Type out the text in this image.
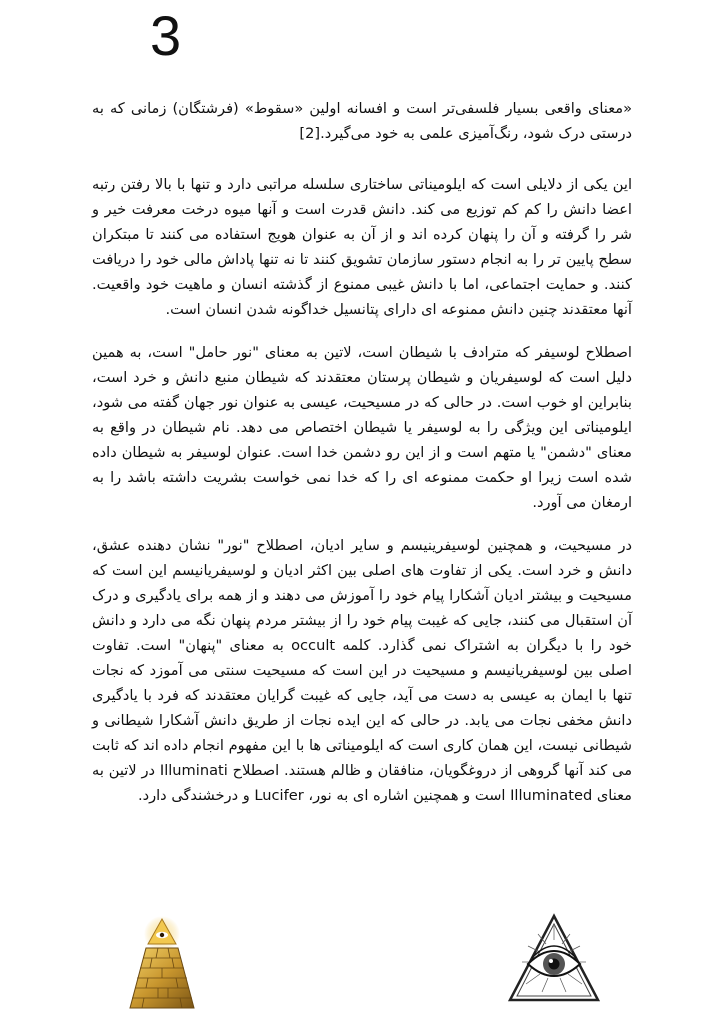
3

«معنای واقعی بسیار فلسفی‌تر است و افسانه اولین «سقوط» (فرشتگان) زمانی که به درستی درک شود، رنگ‌آمیزی علمی به خود می‌گیرد.[2]

این یکی از دلایلی است که ایلومیناتی ساختاری سلسله مراتبی دارد و تنها با بالا رفتن رتبه اعضا دانش را کم کم توزیع می کند. دانش قدرت است و آنها میوه درخت معرفت خیر و شر را گرفته و آن را پنهان کرده اند و از آن به عنوان هویج استفاده می کنند تا مبتکران سطح پایین تر را به انجام دستور سازمان تشویق کنند تا نه تنها پاداش مالی خود را دریافت کنند. و حمایت اجتماعی، اما با دانش غیبی ممنوع از گذشته انسان و ماهیت خود واقعیت. آنها معتقدند چنین دانش ممنوعه ای دارای پتانسیل خداگونه شدن انسان است.

اصطلاح لوسیفر که مترادف با شیطان است، لاتین به معنای "نور حامل" است، به همین دلیل است که لوسیفریان و شیطان پرستان معتقدند که شیطان منبع دانش و خرد است، بنابراین او خوب است. در حالی که در مسیحیت، عیسی به عنوان نور جهان گفته می شود، ایلومیناتی این ویژگی را به لوسیفر یا شیطان اختصاص می دهد. نام شیطان در واقع به معنای "دشمن" یا متهم است و از این رو دشمن خدا است. عنوان لوسیفر به شیطان داده شده است زیرا او حکمت ممنوعه ای را که خدا نمی خواست بشریت داشته باشد را به ارمغان می آورد.

در مسیحیت، و همچنین لوسیفرینیسم و سایر ادیان، اصطلاح "نور" نشان دهنده عشق، دانش و خرد است. یکی از تفاوت های اصلی بین اکثر ادیان و لوسیفریانیسم این است که مسیحیت و بیشتر ادیان آشکارا پیام خود را آموزش می دهند و از همه برای یادگیری و درک آن استقبال می کنند، جایی که غیبت پیام خود را از بیشتر مردم پنهان نگه می دارد و دانش خود را با دیگران به اشتراک نمی گذارد. کلمه occult به معنای "پنهان" است. تفاوت اصلی بین لوسیفریانیسم و مسیحیت در این است که مسیحیت سنتی می آموزد که نجات تنها با ایمان به عیسی به دست می آید، جایی که غیبت گرایان معتقدند که فرد با یادگیری دانش مخفی نجات می یابد. در حالی که این ایده نجات از طریق دانش آشکارا شیطانی و شیطانی نیست، این همان کاری است که ایلومیناتی ها با این مفهوم انجام داده اند که ثابت می کند آنها گروهی از دروغگویان، منافقان و ظالم هستند. اصطلاح Illuminati در لاتین به معنای Illuminated است و همچنین اشاره ای به نور، Lucifer و درخشندگی دارد.
